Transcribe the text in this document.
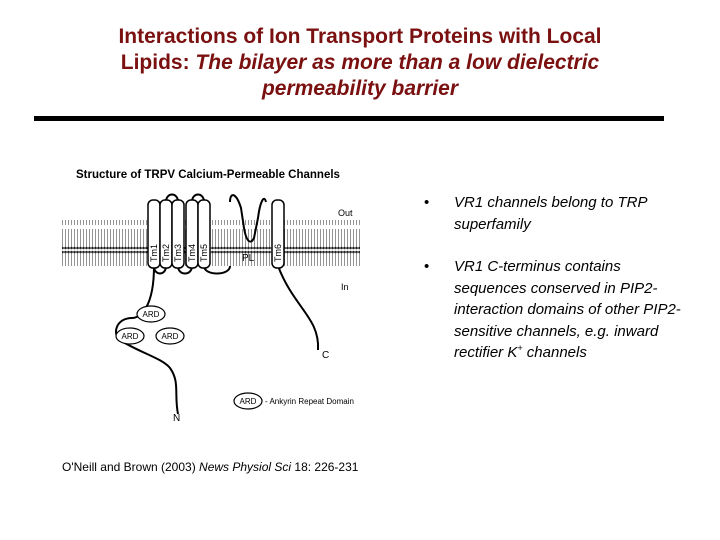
Interactions of Ion Transport Proteins with Local
Lipids: The bilayer as more than a low dielectric
permeability barrier
Structure of TRPV Calcium-Permeable Channels
Out
In
Tm1 Tm2 Tm3 Tm4 Tm5	Tm6
PL
ARD
ARD	ARD
C
N
ARD - Ankyrin Repeat Domain
• VR1 channels belong to TRP superfamily
• VR1 C-terminus contains sequences conserved in PIP2-interaction domains of other PIP2-sensitive channels, e.g. inward rectifier K+ channels
O'Neill and Brown (2003) News Physiol Sci 18: 226-231
